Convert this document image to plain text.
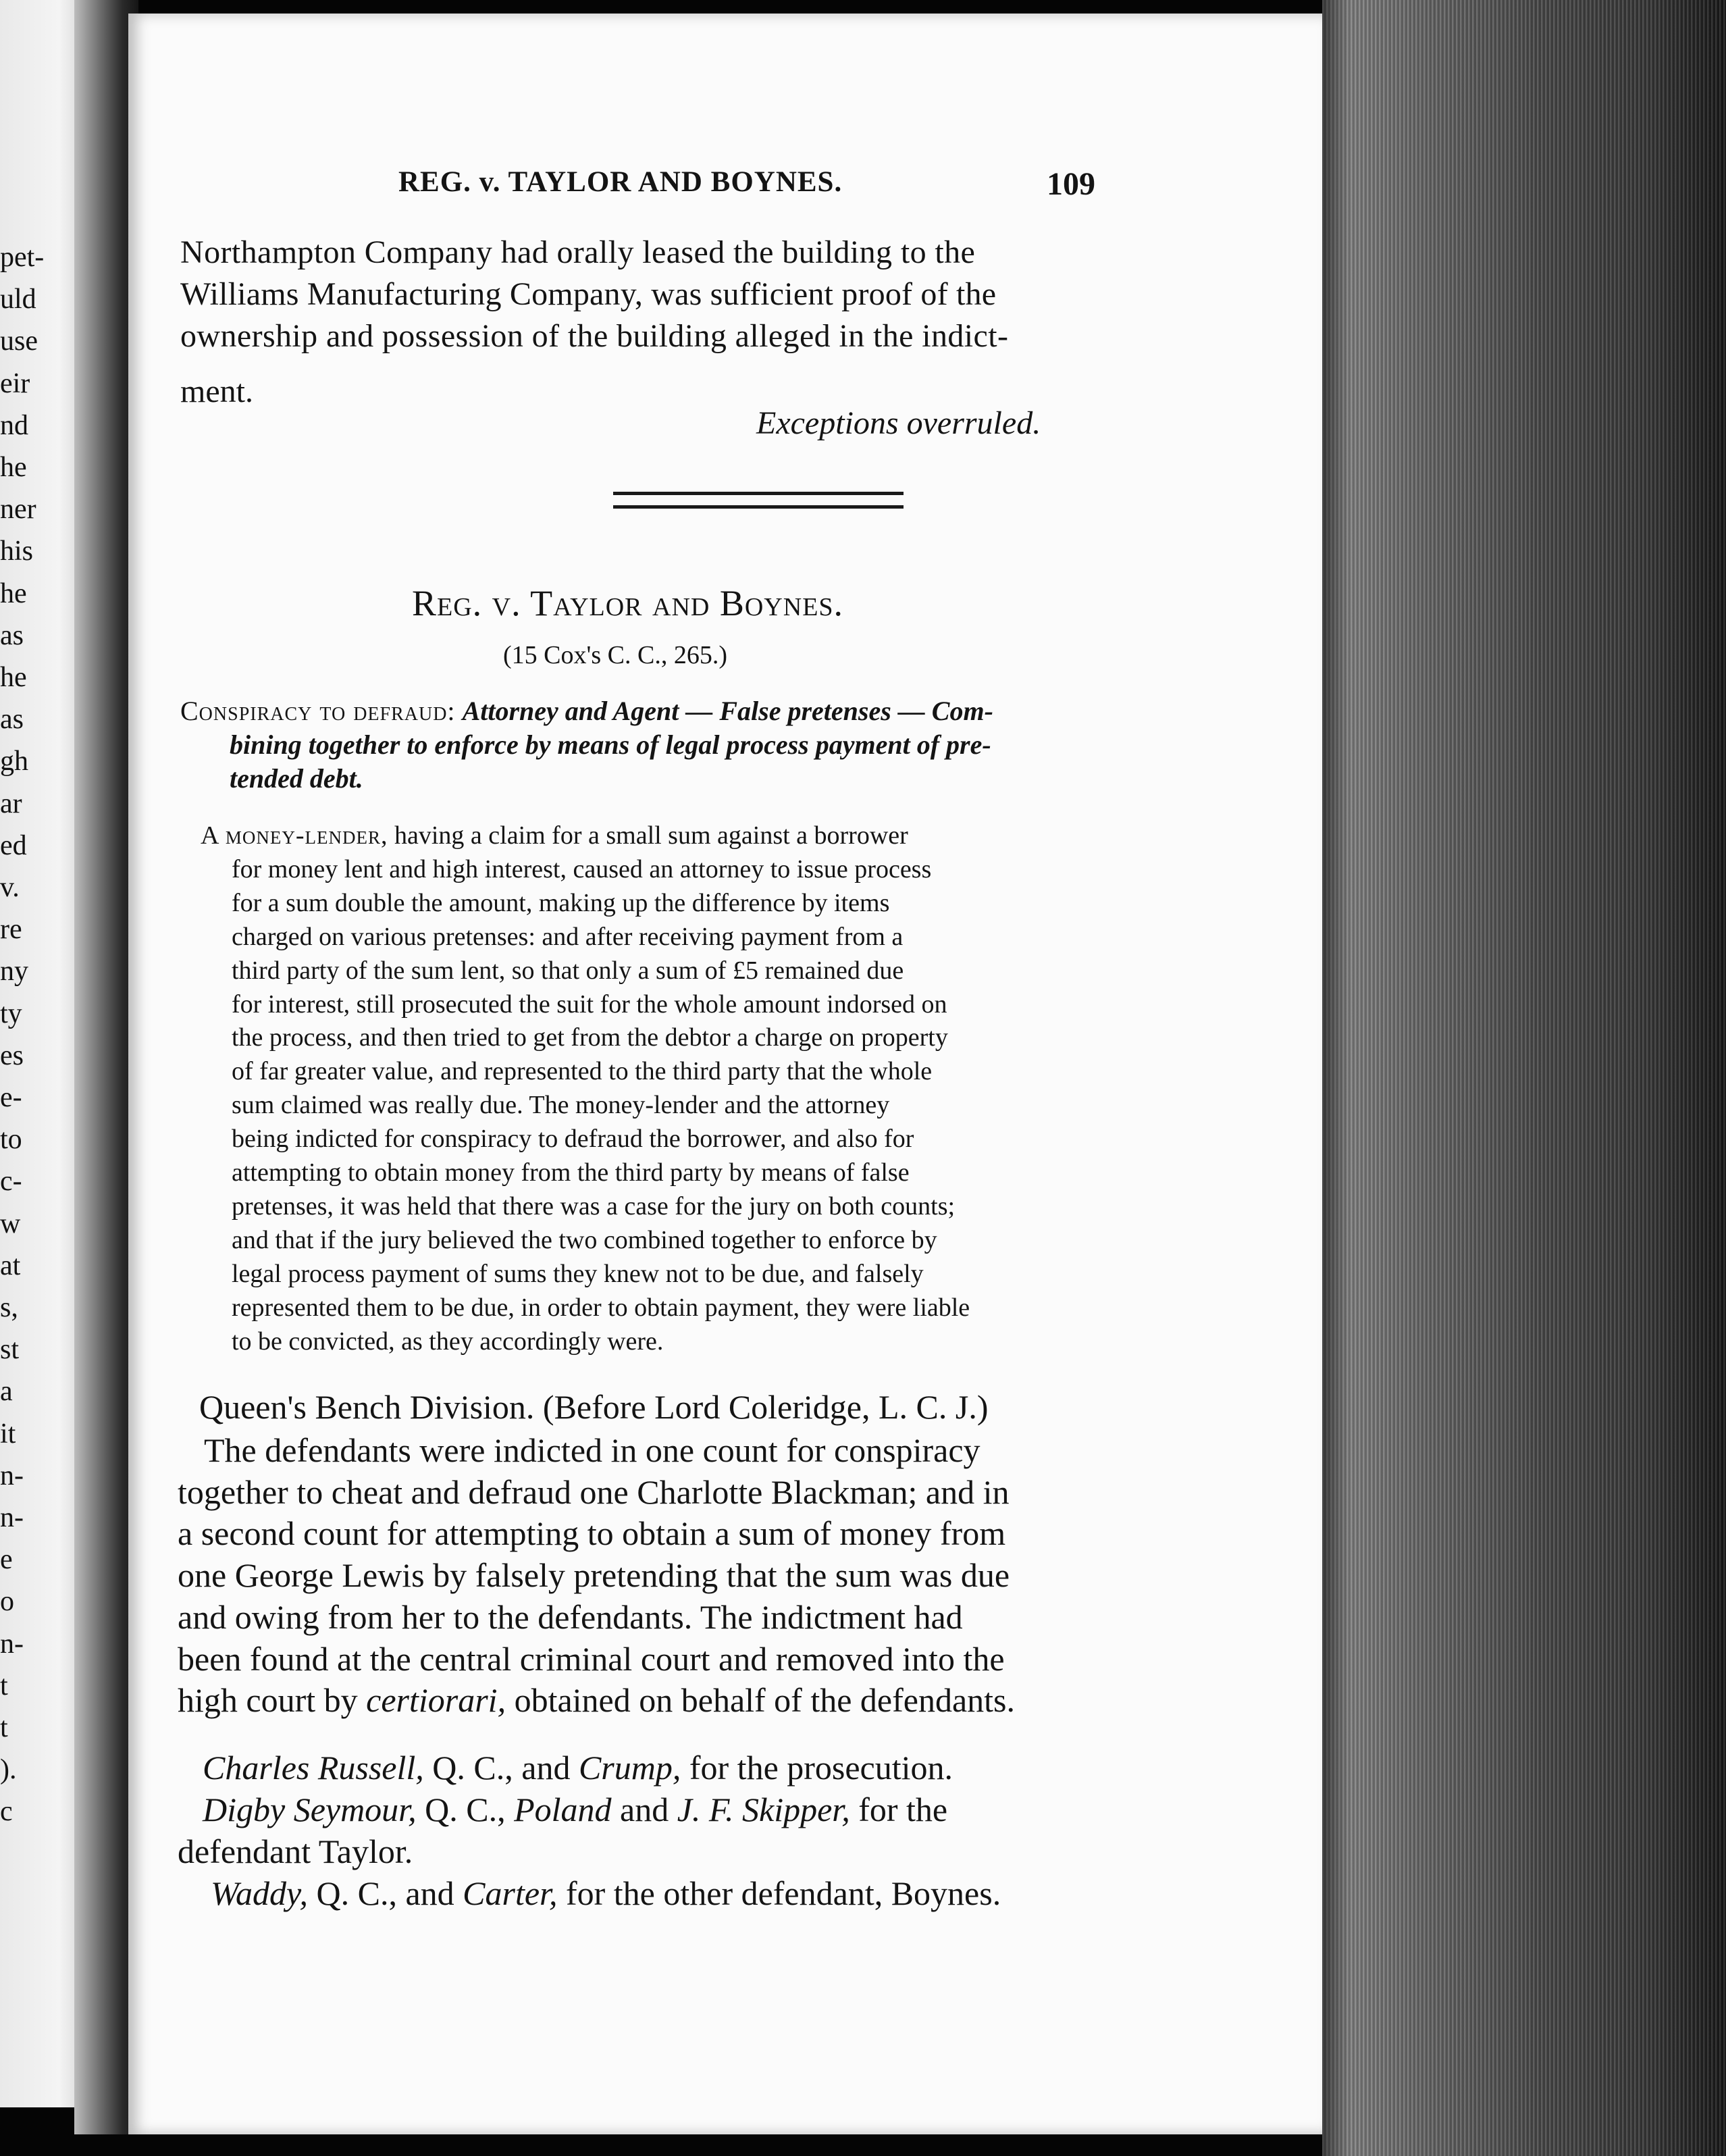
pet-
uld
use
eir
nd
he
ner
his
he
as
he
as
gh
ar
ed
v.
re
ny
ty
es
e-
to
c-
w
at
s,
st
a
it
n-
n-
e
o
n-
t
t
).
c

REG. v. TAYLOR AND BOYNES.	109

Northampton Company had orally leased the building to the

Williams Manufacturing Company, was sufficient proof of the

ownership and possession of the building alleged in the indict-

ment.

Exceptions overruled.

Reg. v. Taylor and Boynes.

(15 Cox's C. C., 265.)

Conspiracy to defraud: Attorney and Agent — False pretenses — Com-

bining together to enforce by means of legal process payment of pre-

tended debt.

A money-lender, having a claim for a small sum against a borrower

for money lent and high interest, caused an attorney to issue process

for a sum double the amount, making up the difference by items

charged on various pretenses: and after receiving payment from a

third party of the sum lent, so that only a sum of £5 remained due

for interest, still prosecuted the suit for the whole amount indorsed on

the process, and then tried to get from the debtor a charge on property

of far greater value, and represented to the third party that the whole

sum claimed was really due. The money-lender and the attorney

being indicted for conspiracy to defraud the borrower, and also for

attempting to obtain money from the third party by means of false

pretenses, it was held that there was a case for the jury on both counts;

and that if the jury believed the two combined together to enforce by

legal process payment of sums they knew not to be due, and falsely

represented them to be due, in order to obtain payment, they were liable

to be convicted, as they accordingly were.

Queen's Bench Division. (Before Lord Coleridge, L. C. J.)

The defendants were indicted in one count for conspiracy

together to cheat and defraud one Charlotte Blackman; and in

a second count for attempting to obtain a sum of money from

one George Lewis by falsely pretending that the sum was due

and owing from her to the defendants. The indictment had

been found at the central criminal court and removed into the

high court by certiorari, obtained on behalf of the defendants.

Charles Russell, Q. C., and Crump, for the prosecution.

Digby Seymour, Q. C., Poland and J. F. Skipper, for the

defendant Taylor.

Waddy, Q. C., and Carter, for the other defendant, Boynes.
